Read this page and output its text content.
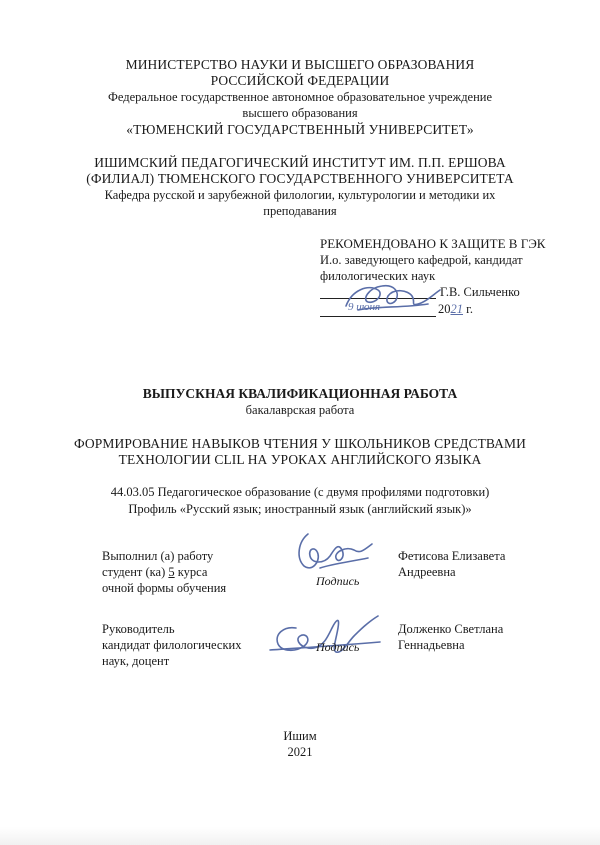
МИНИСТЕРСТВО НАУКИ И ВЫСШЕГО ОБРАЗОВАНИЯ
РОССИЙСКОЙ ФЕДЕРАЦИИ
Федеральное государственное автономное образовательное учреждение
высшего образования
«ТЮМЕНСКИЙ ГОСУДАРСТВЕННЫЙ УНИВЕРСИТЕТ»
ИШИМСКИЙ ПЕДАГОГИЧЕСКИЙ ИНСТИТУТ ИМ. П.П. ЕРШОВА
(ФИЛИАЛ) ТЮМЕНСКОГО ГОСУДАРСТВЕННОГО УНИВЕРСИТЕТА
Кафедра русской и зарубежной филологии, культурологии и методики их
преподавания
РЕКОМЕНДОВАНО К ЗАЩИТЕ В ГЭК
И.о. заведующего кафедрой, кандидат
филологических наук
Г.В. Сильченко
9 июня	2021 г.
ВЫПУСКНАЯ КВАЛИФИКАЦИОННАЯ РАБОТА
бакалаврская работа
ФОРМИРОВАНИЕ НАВЫКОВ ЧТЕНИЯ У ШКОЛЬНИКОВ СРЕДСТВАМИ
ТЕХНОЛОГИИ CLIL НА УРОКАХ АНГЛИЙСКОГО ЯЗЫКА
44.03.05 Педагогическое образование (с двумя профилями подготовки)
Профиль «Русский язык; иностранный язык (английский язык)»
Выполнил (а) работу
студент (ка) 5 курса
очной формы обучения	Подпись
Фетисова Елизавета
Андреевна
Руководитель
кандидат филологических
наук, доцент
Подпись
Долженко Светлана
Геннадьевна
Ишим
2021
